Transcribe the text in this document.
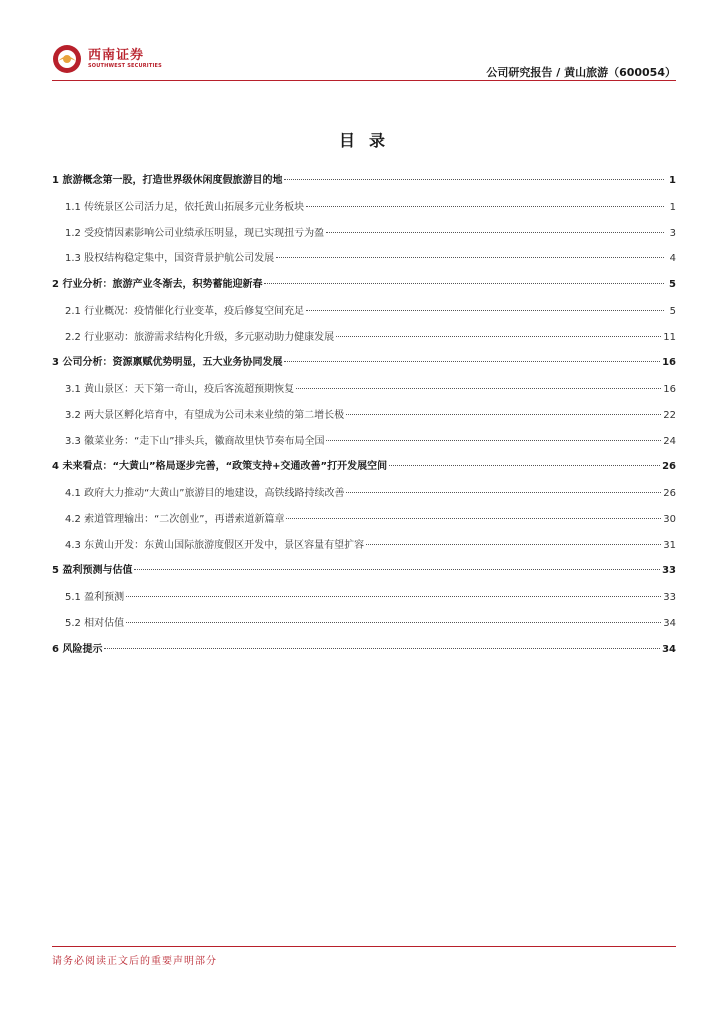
西南证券
SOUTHWEST SECURITIES	公司研究报告 / 黄山旅游（600054）
目录
1 旅游概念第一股，打造世界级休闲度假旅游目的地	1
1.1 传统景区公司活力足，依托黄山拓展多元业务板块	1
1.2 受疫情因素影响公司业绩承压明显，现已实现扭亏为盈	3
1.3 股权结构稳定集中，国资背景护航公司发展	4
2 行业分析：旅游产业冬渐去，积势蓄能迎新春	5
2.1 行业概况：疫情催化行业变革，疫后修复空间充足	5
2.2 行业驱动：旅游需求结构化升级，多元驱动助力健康发展	11
3 公司分析：资源禀赋优势明显，五大业务协同发展	16
3.1 黄山景区：天下第一奇山，疫后客流超预期恢复	16
3.2 两大景区孵化培育中，有望成为公司未来业绩的第二增长极	22
3.3 徽菜业务：“走下山”排头兵，徽商故里快节奏布局全国	24
4 未来看点：“大黄山”格局逐步完善，“政策支持+交通改善”打开发展空间	26
4.1 政府大力推动“大黄山”旅游目的地建设，高铁线路持续改善	26
4.2 索道管理输出：“二次创业”，再谱索道新篇章	30
4.3 东黄山开发：东黄山国际旅游度假区开发中，景区容量有望扩容	31
5 盈利预测与估值	33
5.1 盈利预测	33
5.2 相对估值	34
6 风险提示	34
请务必阅读正文后的重要声明部分
